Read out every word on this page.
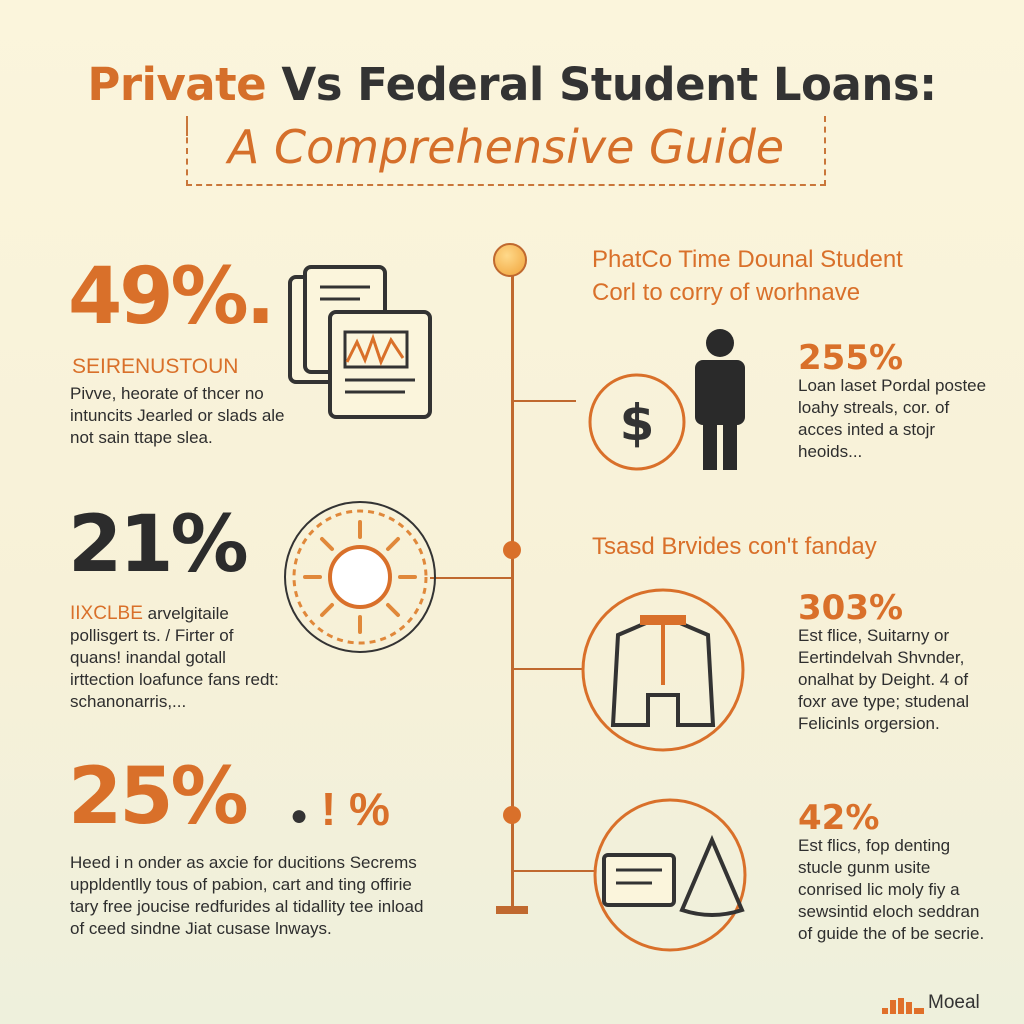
Private Vs Federal Student Loans:
A Comprehensive Guide
49%.
SEIRENUSTOUN
Pivve, heorate of thcer no intuncits Jearled or slads ale not sain ttape slea.
21%
IIXCLBE arvelgitaile pollisgert ts. / Firter of quans! inandal gotall irttection loafunce fans redt: schanonarris,...
25% ● ! %
Heed i n onder as axcie for ducitions Secrems uppldentlly tous of pabion, cart and ting offirie tary free joucise redfurides al tidallity tee inload of ceed sindne Jiat cusase lnways.
PhatCo Time Dounal Student
Corl to corry of worhnave
$
255%
Loan laset Pordal postee loahy streals, cor. of acces inted a stojr heoids...
Tsasd Brvides con't fanday
303%
Est flice, Suitarny or Eertindelvah Shvnder, onalhat by Deight. 4 of foxr ave type; studenal Felicinls orgersion.
42%
Est flics, fop denting stucle gunm usite conrised lic moly fiy a sewsintid eloch seddran of guide the of be secrie.
Moeal
